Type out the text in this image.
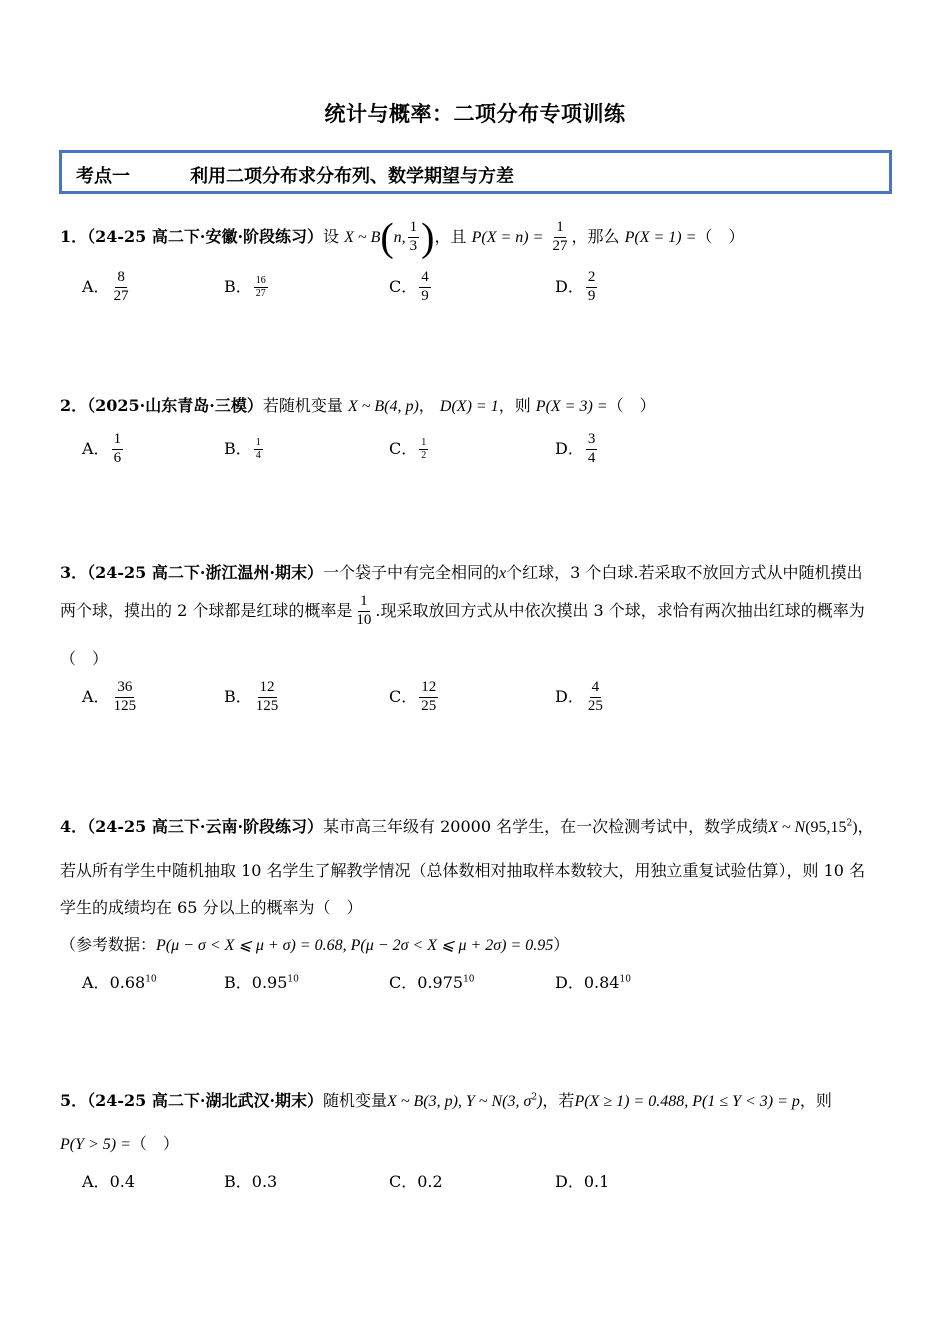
统计与概率：二项分布专项训练
考点一	利用二项分布求分布列、数学期望与方差
1．（24-25 高二下·安徽·阶段练习）设 X ~ B(n, $\frac{1}{3}$ )，且 $P(X = n) = \frac{1}{27}$ ，那么 P(X = 1) =（　）
A． $\frac{8}{27}$	B． $\frac{16}{27}$	C． $\frac{4}{9}$	D． $\frac{2}{9}$
2．（2025·山东青岛·三模）若随机变量 X ~ B(4, p)， D(X) = 1，则 P(X = 3) =（　）
A． $\frac{1}{6}$	B． $\frac{1}{4}$	C． $\frac{1}{2}$	D． $\frac{3}{4}$
3．（24-25 高二下·浙江温州·期末）一个袋子中有完全相同的x个红球，3 个白球.若采取不放回方式从中随机摸出
两个球，摸出的 2 个球都是红球的概率是 $\frac{1}{10}$ .现采取放回方式从中依次摸出 3 个球，求恰有两次抽出红球的概率为
（　）
A． $\frac{36}{125}$	B． $\frac{12}{125}$	C． $\frac{12}{25}$	D． $\frac{4}{25}$
4．（24-25 高三下·云南·阶段练习）某市高三年级有 20000 名学生，在一次检测考试中，数学成绩X ~ N(95,15$^2$)，
若从所有学生中随机抽取 10 名学生了解教学情况（总体数相对抽取样本数较大，用独立重复试验估算），则 10 名
学生的成绩均在 65 分以上的概率为（　）
（参考数据：P(μ − σ < X ⩽ μ + σ) = 0.68, P(μ − 2σ < X ⩽ μ + 2σ) = 0.95）
A．0.68$^{10}$	B．0.95$^{10}$	C．0.975$^{10}$	D．0.84$^{10}$
5．（24-25 高二下·湖北武汉·期末）随机变量X ~ B(3, p), Y ~ N(3, $\sigma^2$)，若P(X ≥ 1) = 0.488, P(1 ≤ Y < 3) = p，则
P(Y > 5) =（　）
A．0.4	B．0.3	C．0.2	D．0.1
